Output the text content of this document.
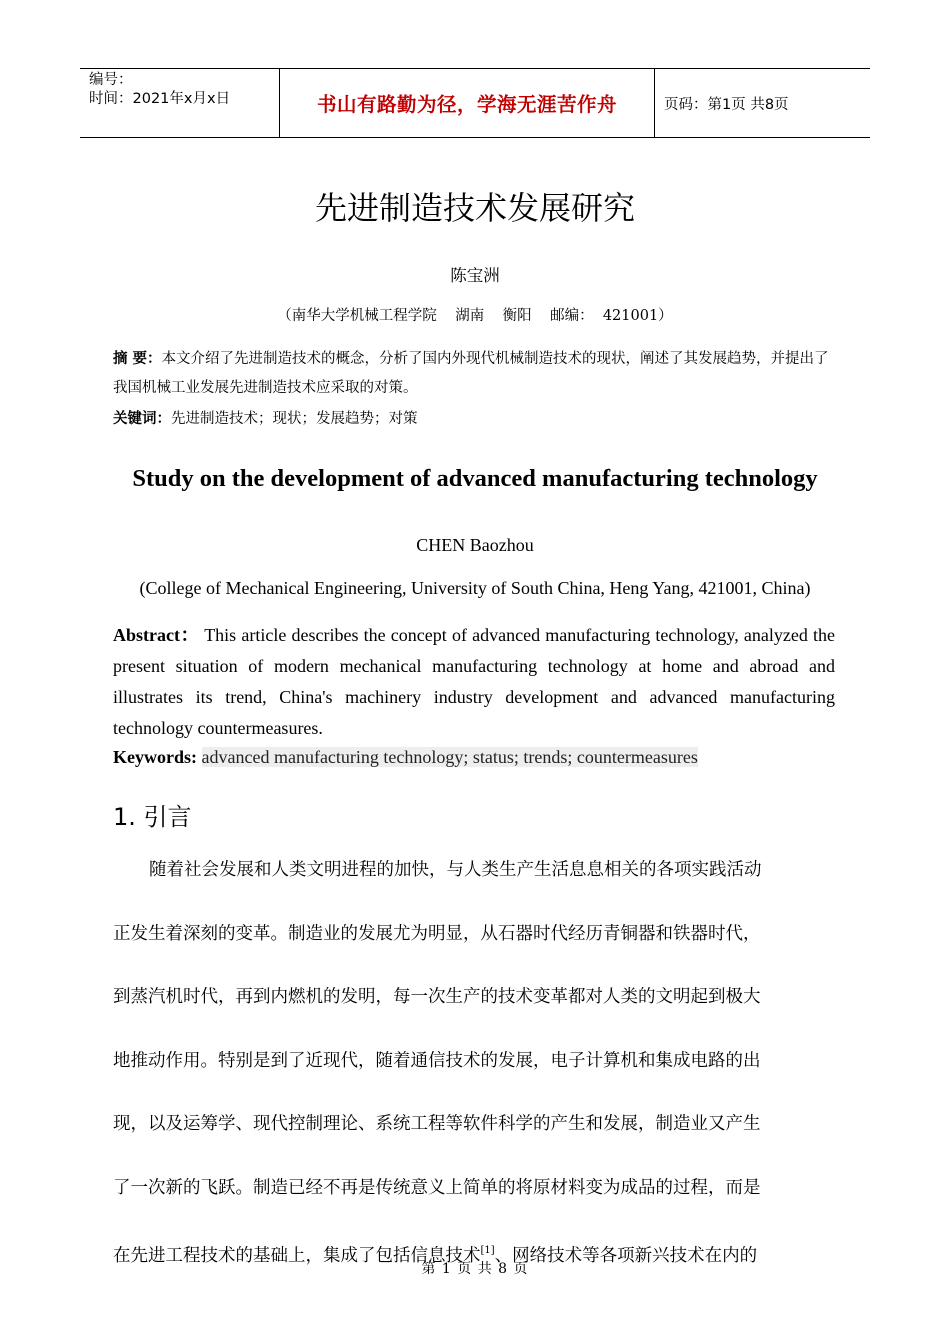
编号：
时间：2021年x月x日	书山有路勤为径，学海无涯苦作舟	页码：第1页 共8页
先进制造技术发展研究
陈宝洲
（南华大学机械工程学院    湖南    衡阳    邮编：  421001）
摘 要：本文介绍了先进制造技术的概念，分析了国内外现代机械制造技术的现状，阐述了其发展趋势，并提出了我国机械工业发展先进制造技术应采取的对策。
关键词：先进制造技术；现状；发展趋势；对策
Study on the development of advanced manufacturing technology
CHEN Baozhou
(College of Mechanical Engineering, University of South China, Heng Yang, 421001, China)
Abstract： This article describes the concept of advanced manufacturing technology, analyzed the present situation of modern mechanical manufacturing technology at home and abroad and illustrates its trend, China's machinery industry development and advanced manufacturing technology countermeasures.
Keywords: advanced manufacturing technology; status; trends; countermeasures
1. 引言
随着社会发展和人类文明进程的加快，与人类生产生活息息相关的各项实践活动
正发生着深刻的变革。制造业的发展尤为明显，从石器时代经历青铜器和铁器时代，
到蒸汽机时代，再到内燃机的发明，每一次生产的技术变革都对人类的文明起到极大
地推动作用。特别是到了近现代，随着通信技术的发展，电子计算机和集成电路的出
现，以及运筹学、现代控制理论、系统工程等软件科学的产生和发展，制造业又产生
了一次新的飞跃。制造已经不再是传统意义上简单的将原材料变为成品的过程，而是
在先进工程技术的基础上，集成了包括信息技术[1]、网络技术等各项新兴技术在内的
第 1 页 共 8 页
